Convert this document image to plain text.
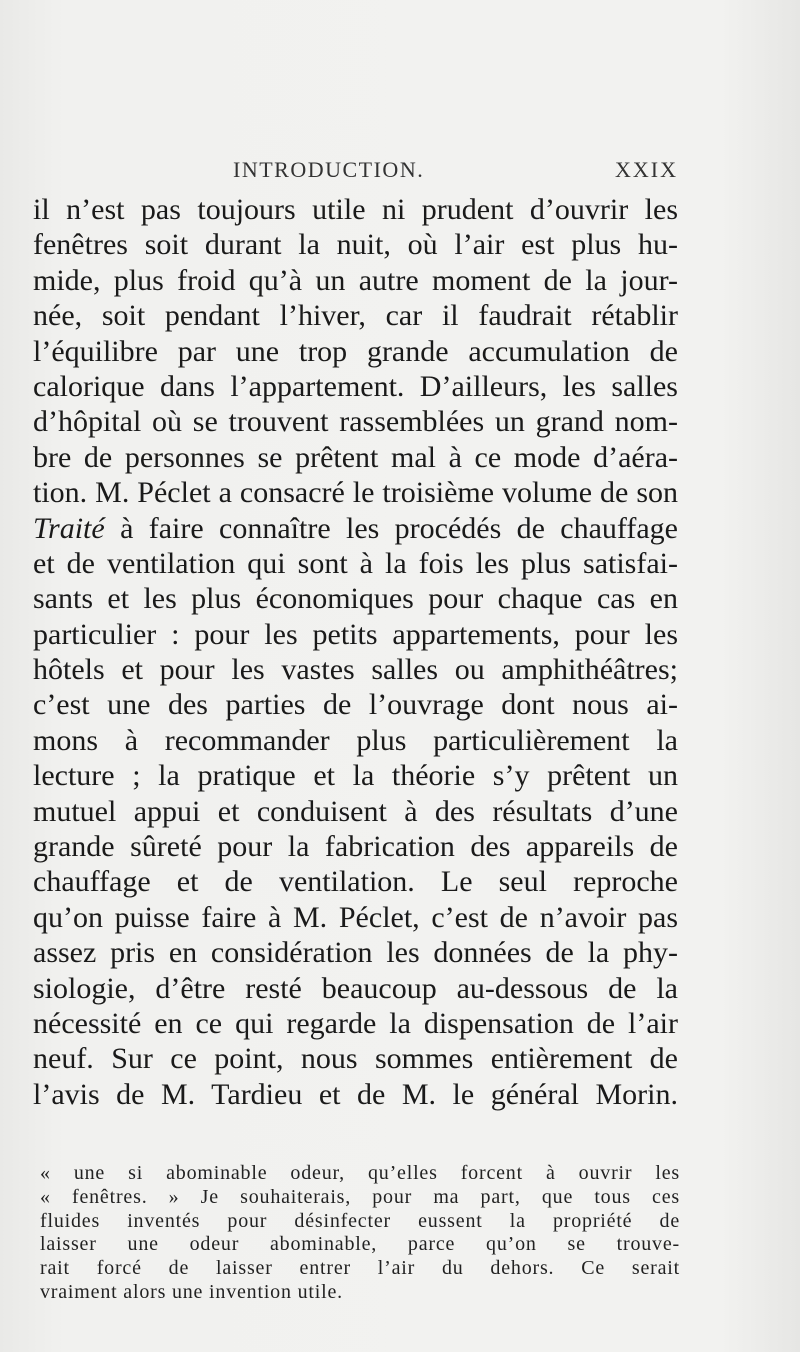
INTRODUCTION.	XXIX
il n’est pas toujours utile ni prudent d’ouvrir les
fenêtres soit durant la nuit, où l’air est plus hu-
mide, plus froid qu’à un autre moment de la jour-
née, soit pendant l’hiver, car il faudrait rétablir
l’équilibre par une trop grande accumulation de
calorique dans l’appartement. D’ailleurs, les salles
d’hôpital où se trouvent rassemblées un grand nom-
bre de personnes se prêtent mal à ce mode d’aéra-
tion. M. Péclet a consacré le troisième volume de son
Traité à faire connaître les procédés de chauffage
et de ventilation qui sont à la fois les plus satisfai-
sants et les plus économiques pour chaque cas en
particulier : pour les petits appartements, pour les
hôtels et pour les vastes salles ou amphithéâtres;
c’est une des parties de l’ouvrage dont nous ai-
mons à recommander plus particulièrement la
lecture ; la pratique et la théorie s’y prêtent un
mutuel appui et conduisent à des résultats d’une
grande sûreté pour la fabrication des appareils de
chauffage et de ventilation. Le seul reproche
qu’on puisse faire à M. Péclet, c’est de n’avoir pas
assez pris en considération les données de la phy-
siologie, d’être resté beaucoup au-dessous de la
nécessité en ce qui regarde la dispensation de l’air
neuf. Sur ce point, nous sommes entièrement de
l’avis de M. Tardieu et de M. le général Morin.
« une si abominable odeur, qu’elles forcent à ouvrir les
« fenêtres. » Je souhaiterais, pour ma part, que tous ces
fluides inventés pour désinfecter eussent la propriété de
laisser une odeur abominable, parce qu’on se trouve-
rait forcé de laisser entrer l’air du dehors. Ce serait
vraiment alors une invention utile.
